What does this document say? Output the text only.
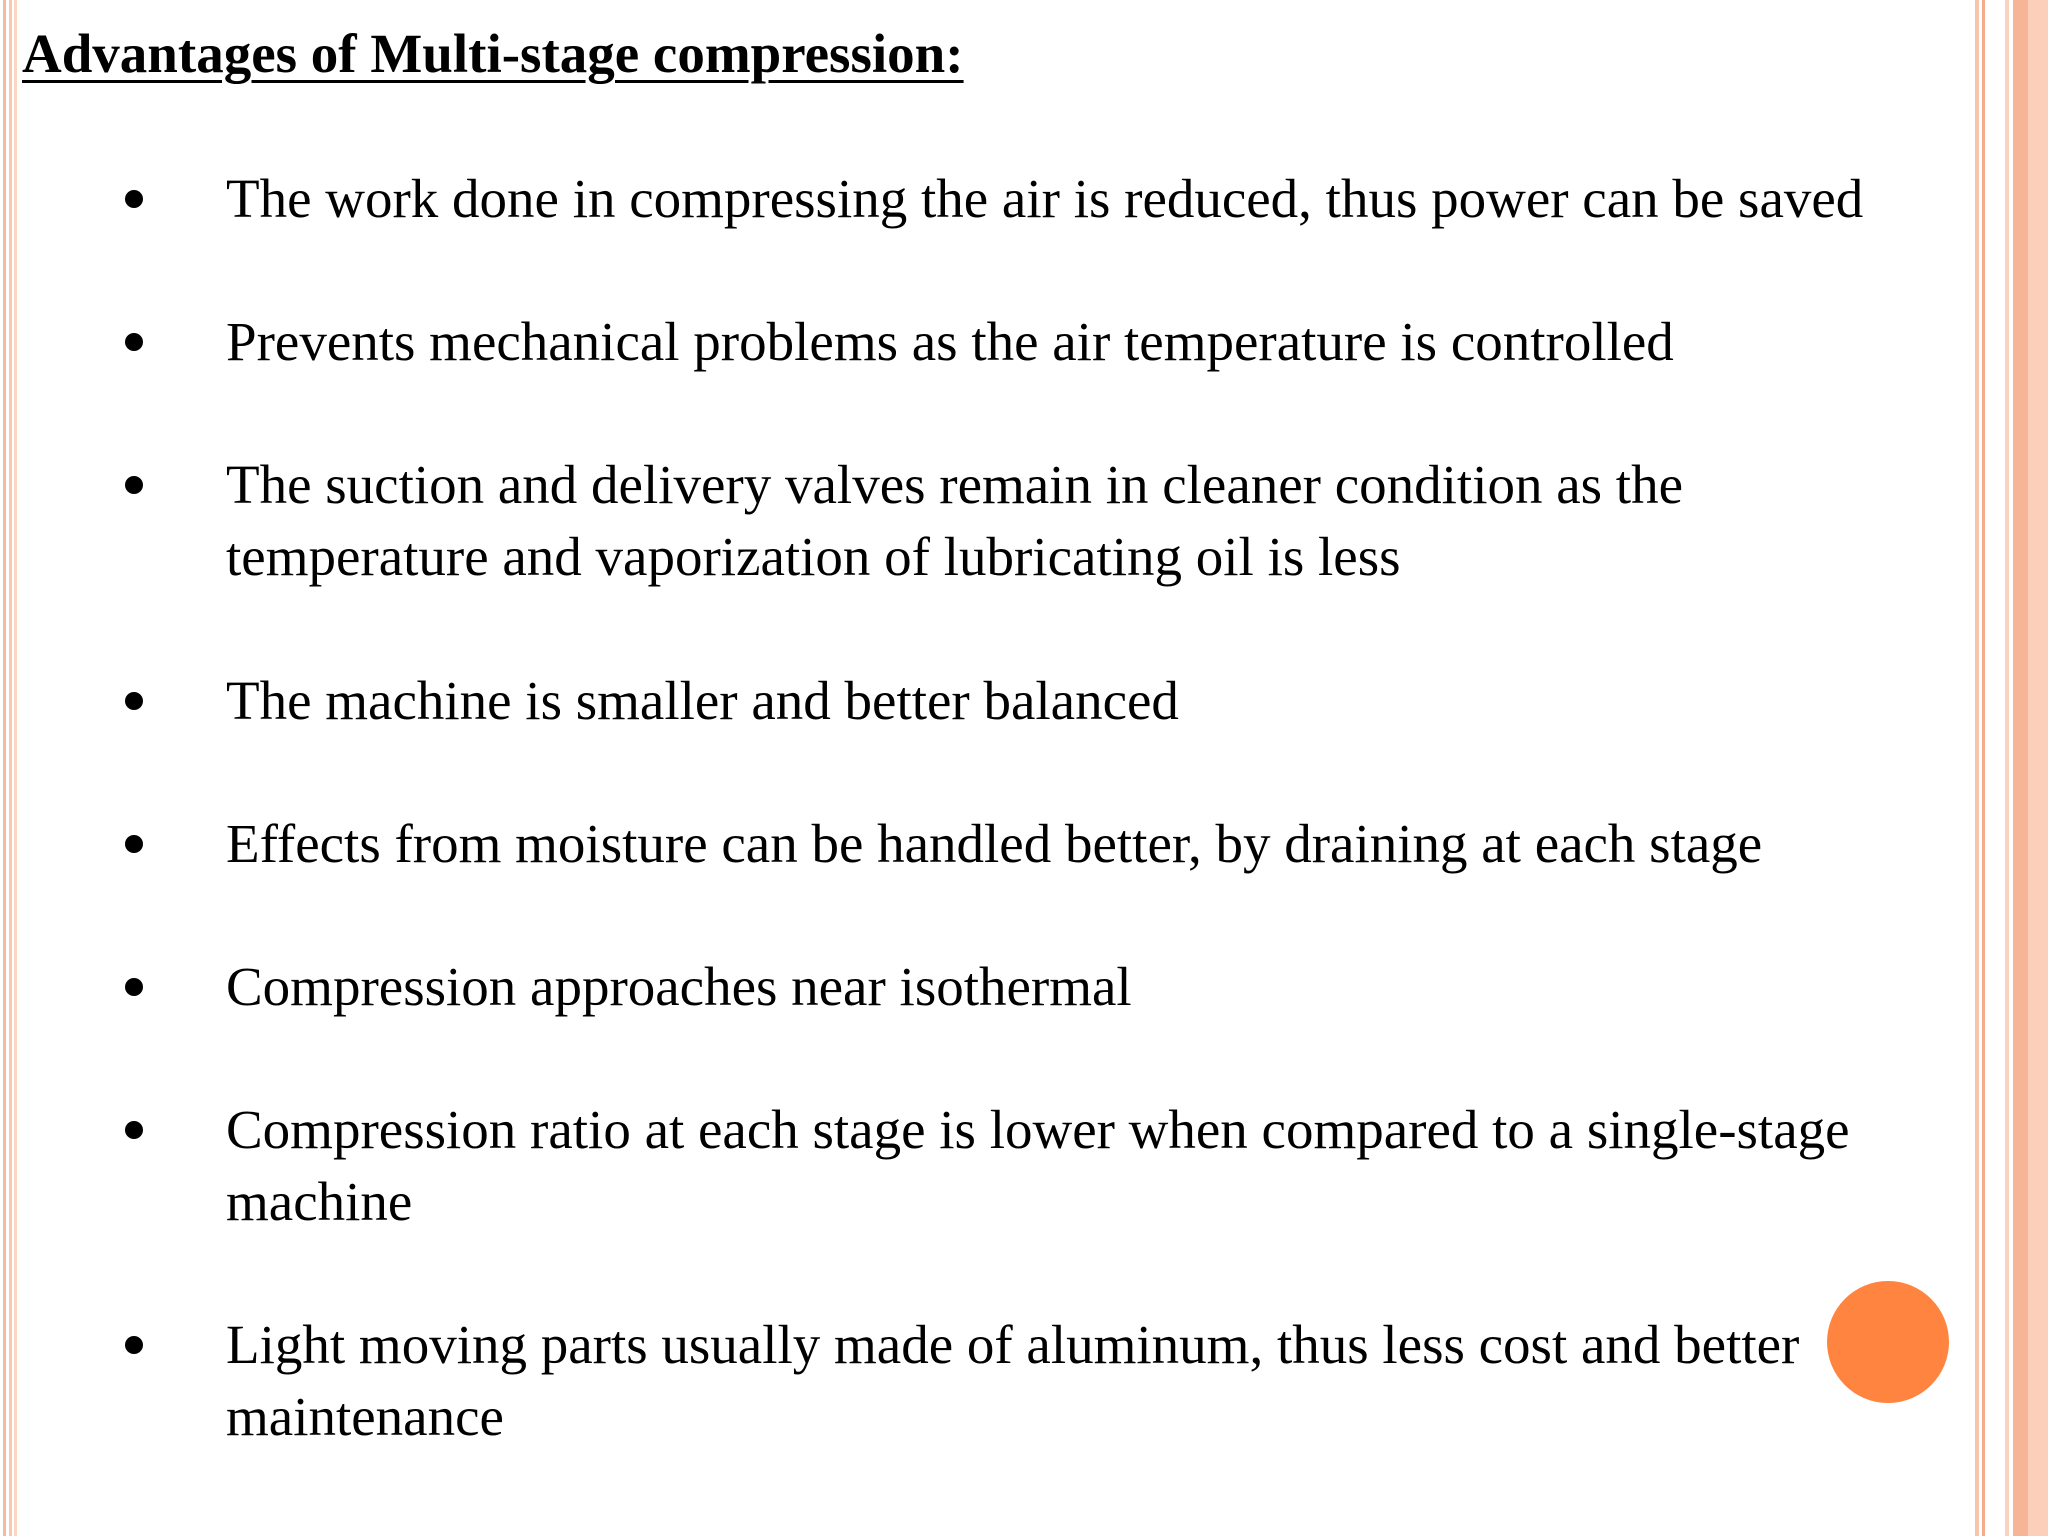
Advantages of Multi-stage compression:
The work done in compressing the air is reduced, thus power can be saved
Prevents mechanical problems as the air temperature is controlled
The suction and delivery valves remain in cleaner condition as the
temperature and vaporization of lubricating oil is less
The machine is smaller and better balanced
Effects from moisture can be handled better, by draining at each stage
Compression approaches near isothermal
Compression ratio at each stage is lower when compared to a single-stage
machine
Light moving parts usually made of aluminum, thus less cost and better
maintenance
